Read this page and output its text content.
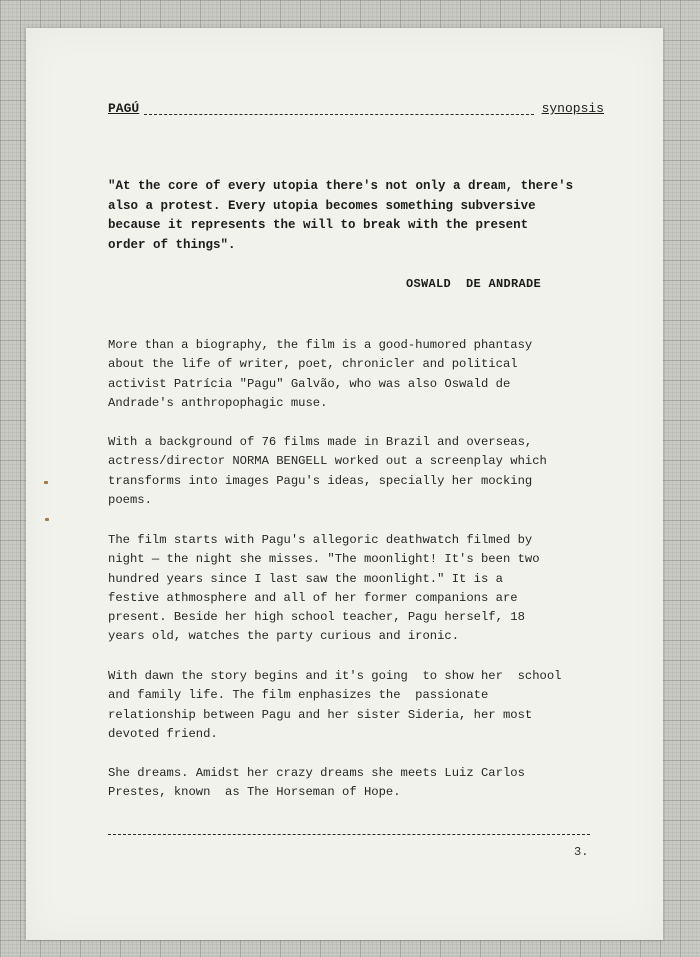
PAGÚ	synopsis

"At the core of every utopia there's not only a dream, there's
also a protest. Every utopia becomes something subversive
because it represents the will to break with the present
order of things".

OSWALD  DE ANDRADE

More than a biography, the film is a good-humored phantasy
about the life of writer, poet, chronicler and political
activist Patrícia "Pagu" Galvão, who was also Oswald de
Andrade's anthropophagic muse.

With a background of 76 films made in Brazil and overseas,
actress/director NORMA BENGELL worked out a screenplay which
transforms into images Pagu's ideas, specially her mocking
poems.

The film starts with Pagu's allegoric deathwatch filmed by
night — the night she misses. "The moonlight! It's been two
hundred years since I last saw the moonlight." It is a
festive athmosphere and all of her former companions are
present. Beside her high school teacher, Pagu herself, 18
years old, watches the party curious and ironic.

With dawn the story begins and it's going  to show her  school
and family life. The film enphasizes the  passionate
relationship between Pagu and her sister Sideria, her most
devoted friend.

She dreams. Amidst her crazy dreams she meets Luiz Carlos
Prestes, known  as The Horseman of Hope.

3.
